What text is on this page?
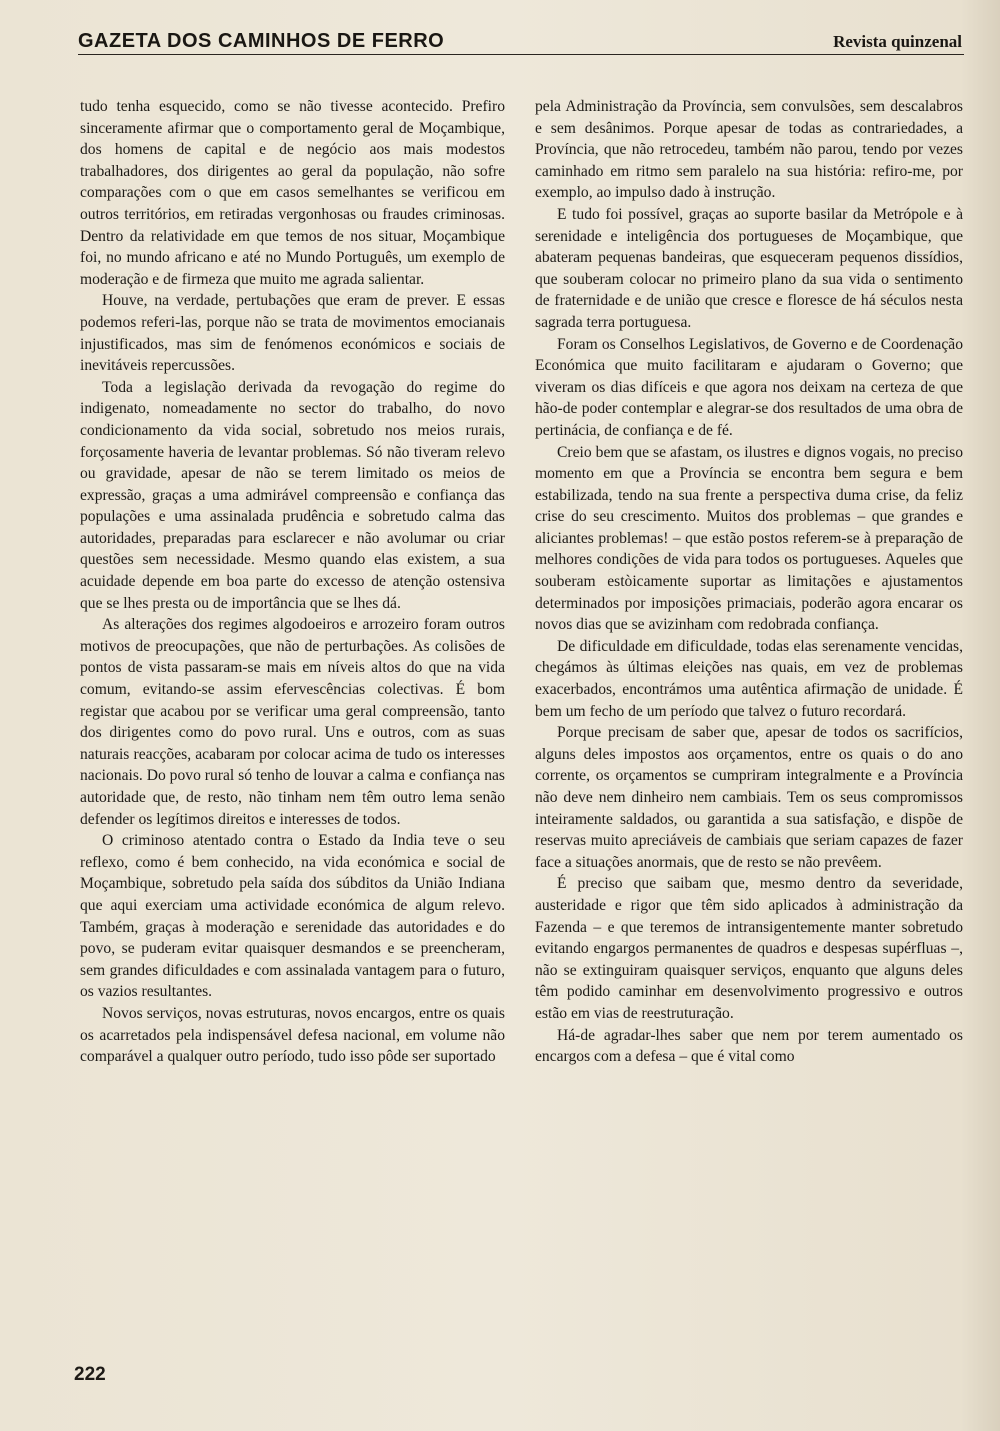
GAZETA DOS CAMINHOS DE FERRO	Revista quinzenal

tudo tenha esquecido, como se não tivesse acontecido. Prefiro sinceramente afirmar que o comportamento geral de Moçambique, dos homens de capital e de negócio aos mais modestos trabalhadores, dos dirigentes ao geral da população, não sofre comparações com o que em casos semelhantes se verificou em outros territórios, em retiradas vergonhosas ou fraudes criminosas. Dentro da relatividade em que temos de nos situar, Moçambique foi, no mundo africano e até no Mundo Português, um exemplo de moderação e de firmeza que muito me agrada salientar.

Houve, na verdade, pertubações que eram de prever. E essas podemos referi-las, porque não se trata de movimentos emocianais injustificados, mas sim de fenómenos económicos e sociais de inevitáveis repercussões.

Toda a legislação derivada da revogação do regime do indigenato, nomeadamente no sector do trabalho, do novo condicionamento da vida social, sobretudo nos meios rurais, forçosamente haveria de levantar problemas. Só não tiveram relevo ou gravidade, apesar de não se terem limitado os meios de expressão, graças a uma admirável compreensão e confiança das populações e uma assinalada prudência e sobretudo calma das autoridades, preparadas para esclarecer e não avolumar ou criar questões sem necessidade. Mesmo quando elas existem, a sua acuidade depende em boa parte do excesso de atenção ostensiva que se lhes presta ou de importância que se lhes dá.

As alterações dos regimes algodoeiros e arrozeiro foram outros motivos de preocupações, que não de perturbações. As colisões de pontos de vista passaram-se mais em níveis altos do que na vida comum, evitando-se assim efervescências colectivas. É bom registar que acabou por se verificar uma geral compreensão, tanto dos dirigentes como do povo rural. Uns e outros, com as suas naturais reacções, acabaram por colocar acima de tudo os interesses nacionais. Do povo rural só tenho de louvar a calma e confiança nas autoridade que, de resto, não tinham nem têm outro lema senão defender os legítimos direitos e interesses de todos.

O criminoso atentado contra o Estado da India teve o seu reflexo, como é bem conhecido, na vida económica e social de Moçambique, sobretudo pela saída dos súbditos da União Indiana que aqui exerciam uma actividade económica de algum relevo. Também, graças à moderação e serenidade das autoridades e do povo, se puderam evitar quaisquer desmandos e se preencheram, sem grandes dificuldades e com assinalada vantagem para o futuro, os vazios resultantes.

Novos serviços, novas estruturas, novos encargos, entre os quais os acarretados pela indispensável defesa nacional, em volume não comparável a qualquer outro período, tudo isso pôde ser suportado

pela Administração da Província, sem convulsões, sem descalabros e sem desânimos. Porque apesar de todas as contrariedades, a Província, que não retrocedeu, também não parou, tendo por vezes caminhado em ritmo sem paralelo na sua história: refiro-me, por exemplo, ao impulso dado à instrução.

E tudo foi possível, graças ao suporte basilar da Metrópole e à serenidade e inteligência dos portugueses de Moçambique, que abateram pequenas bandeiras, que esqueceram pequenos dissídios, que souberam colocar no primeiro plano da sua vida o sentimento de fraternidade e de união que cresce e floresce de há séculos nesta sagrada terra portuguesa.

Foram os Conselhos Legislativos, de Governo e de Coordenação Económica que muito facilitaram e ajudaram o Governo; que viveram os dias difíceis e que agora nos deixam na certeza de que hão-de poder contemplar e alegrar-se dos resultados de uma obra de pertinácia, de confiança e de fé.

Creio bem que se afastam, os ilustres e dignos vogais, no preciso momento em que a Província se encontra bem segura e bem estabilizada, tendo na sua frente a perspectiva duma crise, da feliz crise do seu crescimento. Muitos dos problemas – que grandes e aliciantes problemas! – que estão postos referem-se à preparação de melhores condições de vida para todos os portugueses. Aqueles que souberam estòicamente suportar as limitações e ajustamentos determinados por imposições primaciais, poderão agora encarar os novos dias que se avizinham com redobrada confiança.

De dificuldade em dificuldade, todas elas serenamente vencidas, chegámos às últimas eleições nas quais, em vez de problemas exacerbados, encontrámos uma autêntica afirmação de unidade. É bem um fecho de um período que talvez o futuro recordará.

Porque precisam de saber que, apesar de todos os sacrifícios, alguns deles impostos aos orçamentos, entre os quais o do ano corrente, os orçamentos se cumpriram integralmente e a Província não deve nem dinheiro nem cambiais. Tem os seus compromissos inteiramente saldados, ou garantida a sua satisfação, e dispõe de reservas muito apreciáveis de cambiais que seriam capazes de fazer face a situações anormais, que de resto se não prevêem.

É preciso que saibam que, mesmo dentro da severidade, austeridade e rigor que têm sido aplicados à administração da Fazenda – e que teremos de intransigentemente manter sobretudo evitando engargos permanentes de quadros e despesas supérfluas –, não se extinguiram quaisquer serviços, enquanto que alguns deles têm podido caminhar em desenvolvimento progressivo e outros estão em vias de reestruturação.

Há-de agradar-lhes saber que nem por terem aumentado os encargos com a defesa – que é vital como

222
